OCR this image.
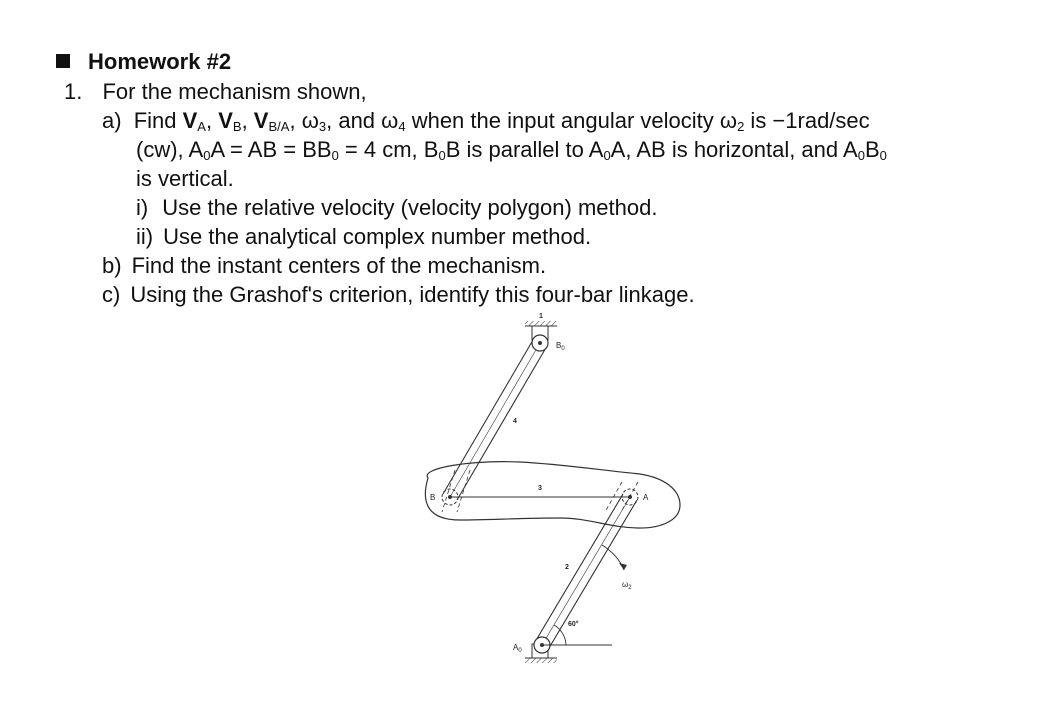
Homework #2
1. For the mechanism shown,
a) Find $V_A$, $V_B$, $V_{B/A}$, $\omega_3$, and $\omega_4$ when the input angular velocity $\omega_2$ is −1rad/sec
(cw), $A_0A$ = AB = $BB_0 = 4$ cm, $B_0B$ is parallel to $A_0A$, AB is horizontal, and $A_0B_0$
is vertical.
i) Use the relative velocity (velocity polygon) method.
ii) Use the analytical complex number method.
b) Find the instant centers of the mechanism.
c) Using the Grashof's criterion, identify this four-bar linkage.
1
$B_0$
$A_0$
B	A
4
3
2
$\omega_2$
60°
